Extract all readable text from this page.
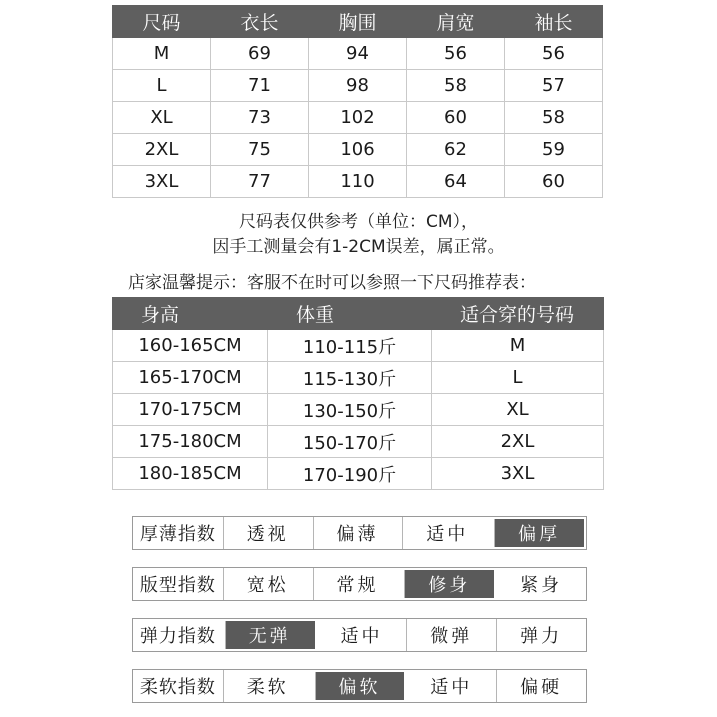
尺码	衣长	胸围	肩宽	袖长
M	69	94	56	56
L	71	98	58	57
XL	73	102	60	58
2XL	75	106	62	59
3XL	77	110	64	60
尺码表仅供参考（单位：CM），
因手工测量会有1-2CM误差，属正常。
店家温馨提示：客服不在时可以参照一下尺码推荐表：
身高	体重	适合穿的号码
160-165CM	110-115斤	M
165-170CM	115-130斤	L
170-175CM	130-150斤	XL
175-180CM	150-170斤	2XL
180-185CM	170-190斤	3XL
厚薄指数	透视	偏薄	适中	偏厚
版型指数	宽松	常规	修身	紧身
弹力指数	无弹	适中	微弹	弹力
柔软指数	柔软	偏软	适中	偏硬
